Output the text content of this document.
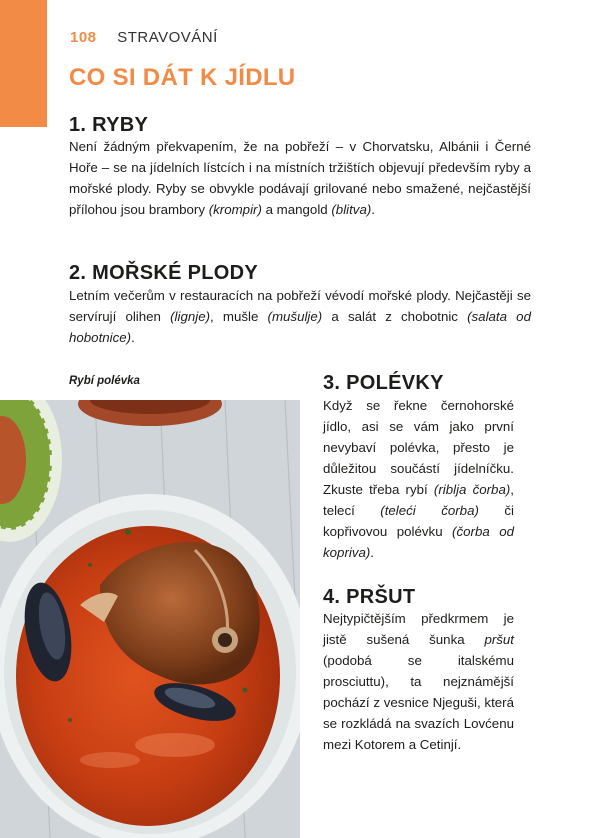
108 STRAVOVÁNÍ
CO SI DÁT K JÍDLU
1. RYBY

Není žádným překvapením, že na pobřeží – v Chorvatsku, Albánii i Černé Hoře – se na jídelních lístcích i na místních tržištích objevují především ryby a mořské plody. Ryby se obvykle podávají grilované nebo smažené, nejčastější přílohou jsou brambory (krompir) a mangold (blitva).

2. MOŘSKÉ PLODY

Letním večerům v restauracích na pobřeží vévodí mořské plody. Nejčastěji se servírují olihen (lignje), mušle (mušulje) a salát z chobotnic (salata od hobotnice).

Rybí polévka	3. POLÉVKY

Když se řekne černohorské jídlo, asi se vám jako první nevybaví polévka, přesto je důležitou součástí jídelníčku. Zkuste třeba rybí (riblja čorba), telecí (teleći čorba) či kopřivovou polévku (čorba od kopriva).

4. PRŠUT

Nejtypičtějším předkrmem je jistě sušená šunka pršut (podobá se italskému prosciuttu), ta nejznámější pochází z vesnice Njeguši, která se rozkládá na svazích Lovćenu mezi Kotorem a Cetinjí.
